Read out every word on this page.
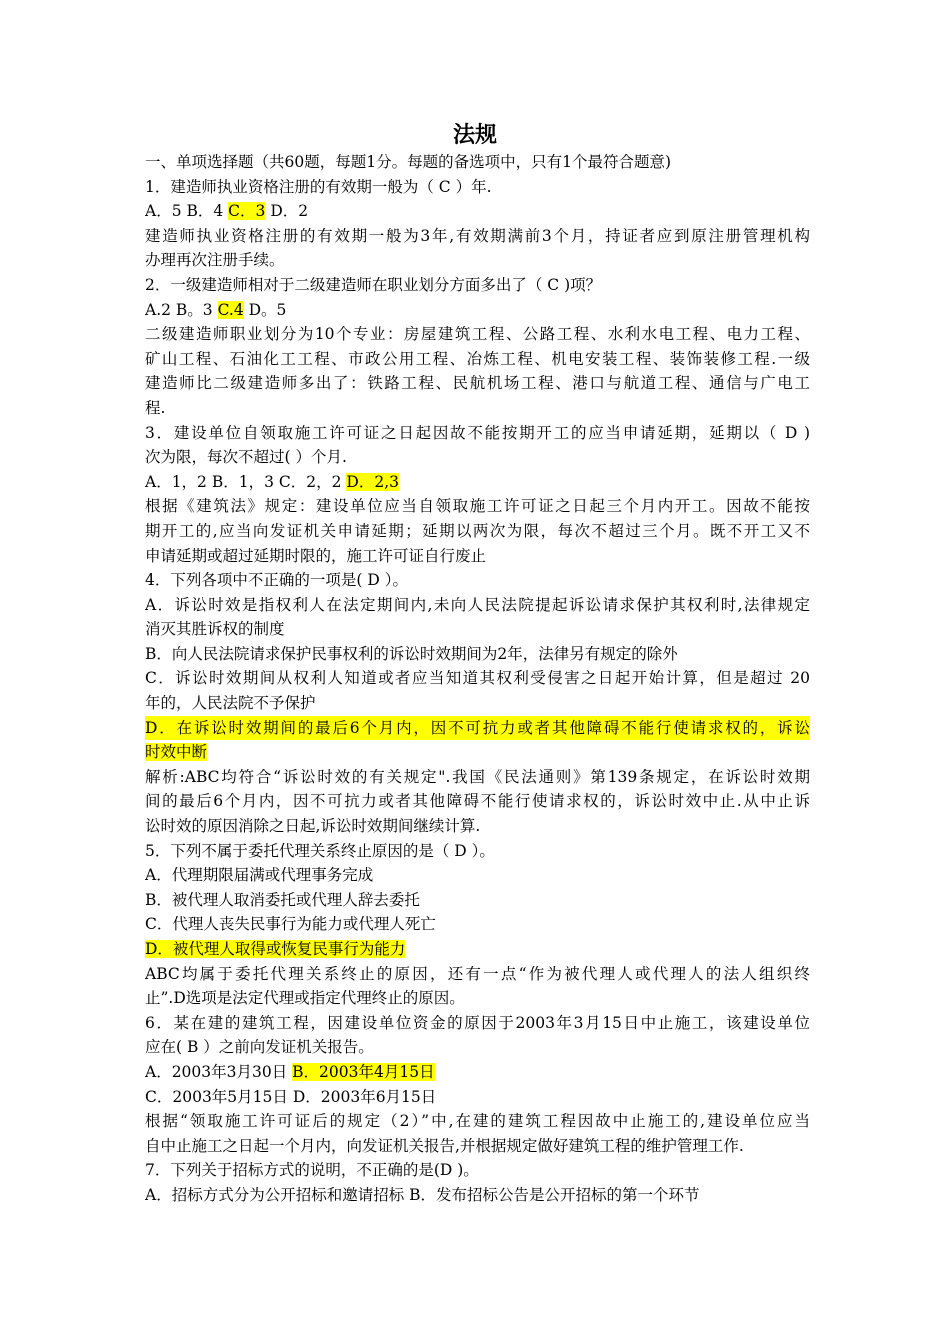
法规
一、单项选择题（共60题，每题1分。每题的备选项中，只有1个最符合题意)
1．建造师执业资格注册的有效期一般为（ C ）年.
A．5 B．4 C．3 D．2
建造师执业资格注册的有效期一般为3年,有效期满前3个月，持证者应到原注册管理机构
办理再次注册手续。
2．一级建造师相对于二级建造师在职业划分方面多出了（ C )项？
A.2 B。3 C.4 D。5
二级建造师职业划分为10个专业：房屋建筑工程、公路工程、水利水电工程、电力工程、
矿山工程、石油化工工程、市政公用工程、冶炼工程、机电安装工程、装饰装修工程.一级
建造师比二级建造师多出了：铁路工程、民航机场工程、港口与航道工程、通信与广电工
程.
3．建设单位自领取施工许可证之日起因故不能按期开工的应当申请延期，延期以（ D )
次为限，每次不超过( ）个月.
A．1，2 B．1，3 C．2，2 D．2,3
根据《建筑法》规定：建设单位应当自领取施工许可证之日起三个月内开工。因故不能按
期开工的,应当向发证机关申请延期；延期以两次为限，每次不超过三个月。既不开工又不
申请延期或超过延期时限的，施工许可证自行废止
4．下列各项中不正确的一项是( D ）。
A．诉讼时效是指权利人在法定期间内,未向人民法院提起诉讼请求保护其权利时,法律规定
消灭其胜诉权的制度
B．向人民法院请求保护民事权利的诉讼时效期间为2年，法律另有规定的除外
C．诉讼时效期间从权利人知道或者应当知道其权利受侵害之日起开始计算，但是超过 20
年的，人民法院不予保护
D．在诉讼时效期间的最后6个月内，因不可抗力或者其他障碍不能行使请求权的，诉讼
时效中断
解析:ABC均符合“诉讼时效的有关规定".我国《民法通则》第139条规定，在诉讼时效期
间的最后6个月内，因不可抗力或者其他障碍不能行使请求权的，诉讼时效中止.从中止诉
讼时效的原因消除之日起,诉讼时效期间继续计算.
5．下列不属于委托代理关系终止原因的是（ D ）。
A．代理期限届满或代理事务完成
B．被代理人取消委托或代理人辞去委托
C．代理人丧失民事行为能力或代理人死亡
D．被代理人取得或恢复民事行为能力
ABC均属于委托代理关系终止的原因，还有一点“作为被代理人或代理人的法人组织终
止”.D选项是法定代理或指定代理终止的原因。
6．某在建的建筑工程，因建设单位资金的原因于2003年3月15日中止施工，该建设单位
应在( B ）之前向发证机关报告。
A．2003年3月30日 B．2003年4月15日
C．2003年5月15日 D．2003年6月15日
根据“领取施工许可证后的规定（2）”中,在建的建筑工程因故中止施工的,建设单位应当
自中止施工之日起一个月内，向发证机关报告,并根据规定做好建筑工程的维护管理工作.
7．下列关于招标方式的说明，不正确的是(D )。
A．招标方式分为公开招标和邀请招标 B．发布招标公告是公开招标的第一个环节
